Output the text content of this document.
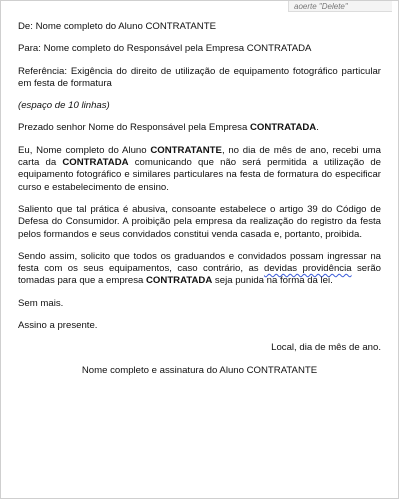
aoerte "Delete"

De: Nome completo do Aluno CONTRATANTE

Para: Nome completo do Responsável pela Empresa CONTRATADA

Referência: Exigência do direito de utilização de equipamento fotográfico particular em festa de formatura

(espaço de 10 linhas)

Prezado senhor Nome do Responsável pela Empresa CONTRATADA.

Eu, Nome completo do Aluno CONTRATANTE, no dia de mês de ano, recebi uma carta da CONTRATADA comunicando que não será permitida a utilização de equipamento fotográfico e similares particulares na festa de formatura do especificar curso e estabelecimento de ensino.

Saliento que tal prática é abusiva, consoante estabelece o artigo 39 do Código de Defesa do Consumidor. A proibição pela empresa da realização do registro da festa pelos formandos e seus convidados constitui venda casada e, portanto, proibida.

Sendo assim, solicito que todos os graduandos e convidados possam ingressar na festa com os seus equipamentos, caso contrário, as devidas providência serão tomadas para que a empresa CONTRATADA seja punida na forma da lei.

Sem mais.

Assino a presente.

Local, dia de mês de ano.

Nome completo e assinatura do Aluno CONTRATANTE
